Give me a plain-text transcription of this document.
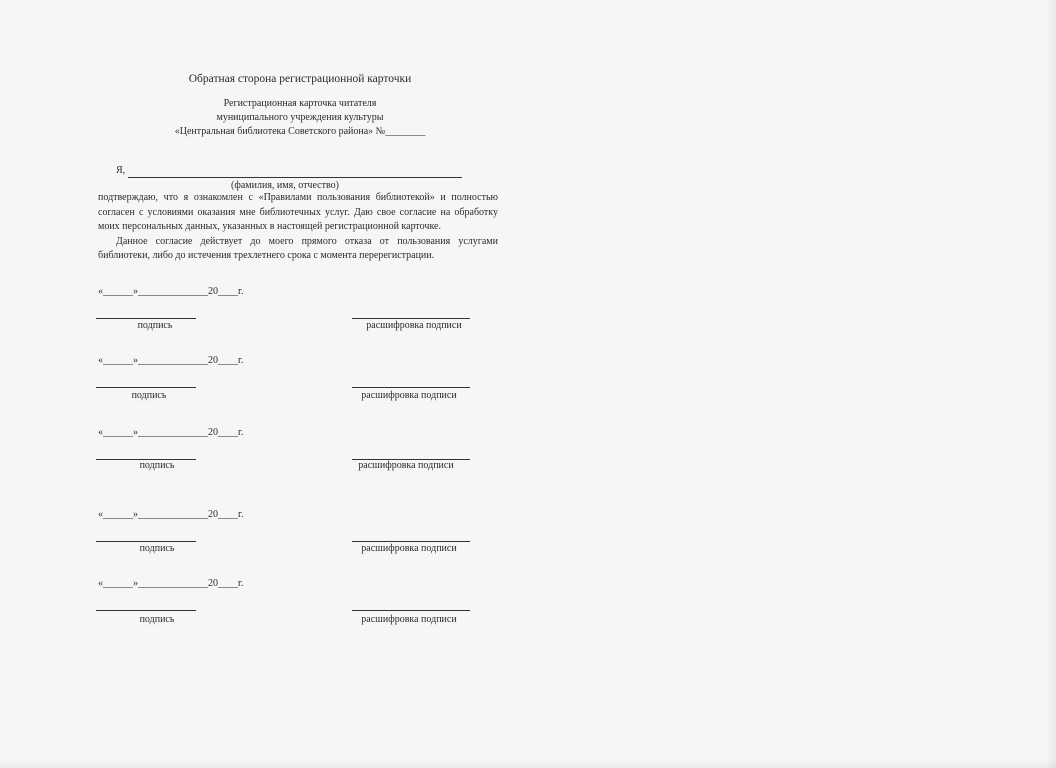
Обратная сторона регистрационной карточки
Регистрационная карточка читателя
муниципального учреждения культуры
«Центральная библиотека Советского района» №________
Я,
(фамилия, имя, отчество)
подтверждаю, что я ознакомлен с «Правилами пользования библиотекой» и полностью
согласен с условиями оказания мне библиотечных услуг. Даю свое согласие на обработку
моих персональных данных, указанных в настоящей регистрационной карточке.
Данное согласие действует до моего прямого отказа от пользования услугами
библиотеки, либо до истечения трехлетнего срока с момента перерегистрации.
«______»______________20____г.
подпись	расшифровка подписи
«______»______________20____г.
подпись	расшифровка подписи
«______»______________20____г.
подпись	расшифровка подписи
«______»______________20____г.
подпись	расшифровка подписи
«______»______________20____г.
подпись	расшифровка подписи
